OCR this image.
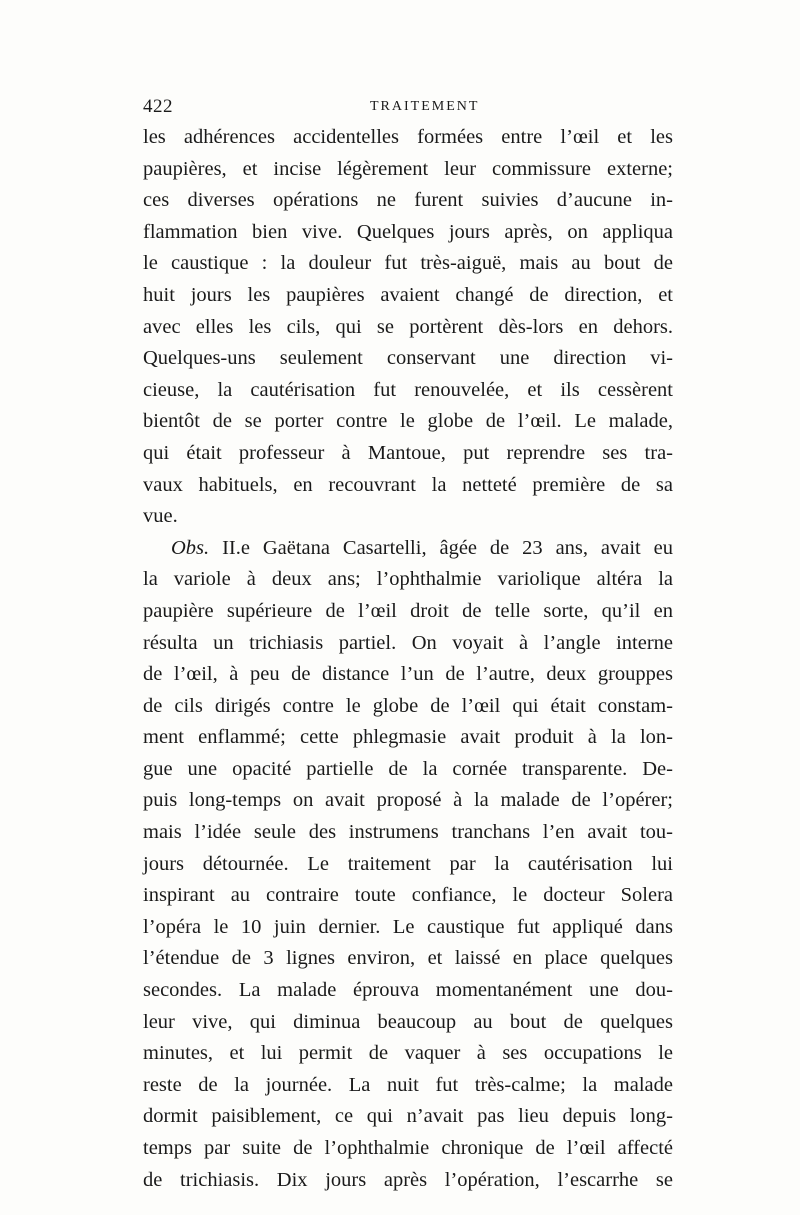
422	TRAITEMENT
les adhérences accidentelles formées entre l’œil et les
paupières, et incise légèrement leur commissure externe;
ces diverses opérations ne furent suivies d’aucune in-
flammation bien vive. Quelques jours après, on appliqua
le caustique : la douleur fut très-aiguë, mais au bout de
huit jours les paupières avaient changé de direction, et
avec elles les cils, qui se portèrent dès-lors en dehors.
Quelques-uns seulement conservant une direction vi-
cieuse, la cautérisation fut renouvelée, et ils cessèrent
bientôt de se porter contre le globe de l’œil. Le malade,
qui était professeur à Mantoue, put reprendre ses tra-
vaux habituels, en recouvrant la netteté première de sa
vue.
Obs. II.e Gaëtana Casartelli, âgée de 23 ans, avait eu
la variole à deux ans; l’ophthalmie variolique altéra la
paupière supérieure de l’œil droit de telle sorte, qu’il en
résulta un trichiasis partiel. On voyait à l’angle interne
de l’œil, à peu de distance l’un de l’autre, deux grouppes
de cils dirigés contre le globe de l’œil qui était constam-
ment enflammé; cette phlegmasie avait produit à la lon-
gue une opacité partielle de la cornée transparente. De-
puis long-temps on avait proposé à la malade de l’opérer;
mais l’idée seule des instrumens tranchans l’en avait tou-
jours détournée. Le traitement par la cautérisation lui
inspirant au contraire toute confiance, le docteur Solera
l’opéra le 10 juin dernier. Le caustique fut appliqué dans
l’étendue de 3 lignes environ, et laissé en place quelques
secondes. La malade éprouva momentanément une dou-
leur vive, qui diminua beaucoup au bout de quelques
minutes, et lui permit de vaquer à ses occupations le
reste de la journée. La nuit fut très-calme; la malade
dormit paisiblement, ce qui n’avait pas lieu depuis long-
temps par suite de l’ophthalmie chronique de l’œil affecté
de trichiasis. Dix jours après l’opération, l’escarrhe se
